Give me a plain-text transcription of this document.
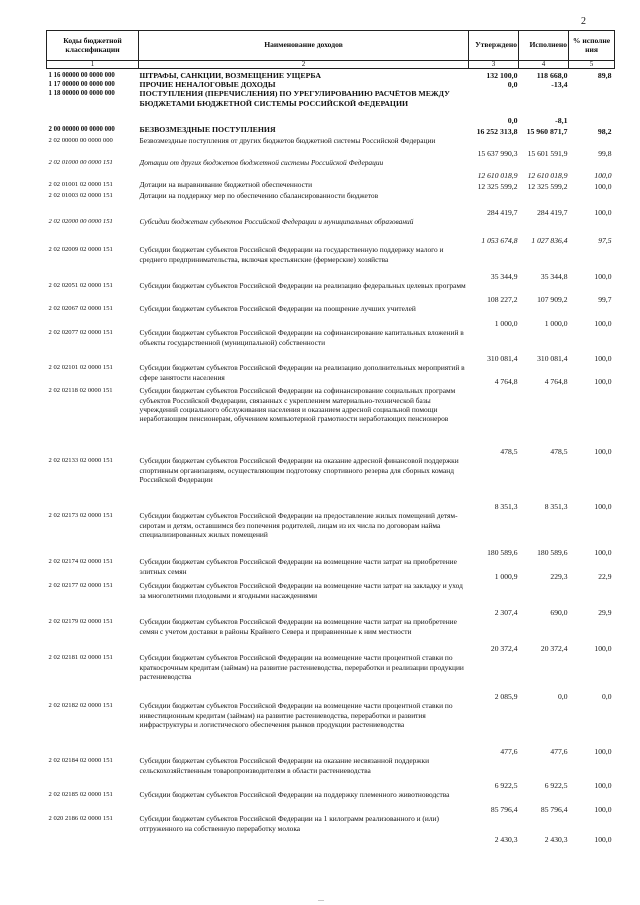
2
Коды бюджетной классификации	Наименование доходов	Утверждено	Исполнено	% исполне ния
1	2	3	4	5
1 16 00000 00 0000 000	ШТРАФЫ, САНКЦИИ, ВОЗМЕЩЕНИЕ УЩЕРБА	132 100,0	118 668,0	89,8
1 17 00000 00 0000 000	ПРОЧИЕ НЕНАЛОГОВЫЕ ДОХОДЫ	0,0	-13,4	
1 18 00000 00 0000 000	ПОСТУПЛЕНИЯ (ПЕРЕЧИСЛЕНИЯ) ПО УРЕГУЛИРОВАНИЮ РАСЧЁТОВ МЕЖДУ БЮДЖЕТАМИ БЮДЖЕТНОЙ СИСТЕМЫ РОССИЙСКОЙ ФЕДЕРАЦИИ	0,0	-8,1	
2 00 00000 00 0000 000	БЕЗВОЗМЕЗДНЫЕ ПОСТУПЛЕНИЯ	16 252 313,8	15 960 871,7	98,2
2 02 00000 00 0000 000	Безвозмездные поступления от других бюджетов бюджетной системы Российской Федерации	15 637 990,3	15 601 591,9	99,8
2 02 01000 00 0000 151	Дотации от других бюджетов бюджетной системы Российской Федерации	12 610 018,9	12 610 018,9	100,0
2 02 01001 02 0000 151	Дотации на выравнивание бюджетной обеспеченности	12 325 599,2	12 325 599,2	100,0
2 02 01003 02 0000 151	Дотации на поддержку мер по обеспечению сбалансированности бюджетов	284 419,7	284 419,7	100,0
2 02 02000 00 0000 151	Субсидии бюджетам субъектов Российской Федерации и муниципальных образований	1 053 674,8	1 027 836,4	97,5
2 02 02009 02 0000 151	Субсидии бюджетам субъектов Российской Федерации на государственную поддержку малого и среднего предпринимательства, включая крестьянские (фермерские) хозяйства	35 344,9	35 344,8	100,0
2 02 02051 02 0000 151	Субсидии бюджетам субъектов Российской Федерации на реализацию федеральных целевых программ	108 227,2	107 909,2	99,7
2 02 02067 02 0000 151	Субсидии бюджетам субъектов Российской Федерации на поощрение лучших учителей	1 000,0	1 000,0	100,0
2 02 02077 02 0000 151	Субсидии бюджетам субъектов Российской Федерации на софинансирование капитальных вложений в объекты государственной (муниципальной) собственности	310 081,4	310 081,4	100,0
2 02 02101 02 0000 151	Субсидии бюджетам субъектов Российской Федерации на реализацию дополнительных мероприятий в сфере занятости населения	4 764,8	4 764,8	100,0
2 02 02118 02 0000 151	Субсидии бюджетам субъектов Российской Федерации на софинансирование социальных программ субъектов Российской Федерации, связанных с укреплением материально-технической базы учреждений социального обслуживания населения и оказанием адресной социальной помощи неработающим пенсионерам, обучением компьютерной грамотности неработающих пенсионеров	478,5	478,5	100,0
2 02 02133 02 0000 151	Субсидии бюджетам субъектов Российской Федерации на оказание адресной финансовой поддержки спортивным организациям, осуществляющим подготовку спортивного резерва для сборных команд Российской Федерации	8 351,3	8 351,3	100,0
2 02 02173 02 0000 151	Субсидии бюджетам субъектов Российской Федерации на предоставление жилых помещений детям-сиротам и детям, оставшимся без попечения родителей, лицам из их числа по договорам найма специализированных жилых помещений	180 589,6	180 589,6	100,0
2 02 02174 02 0000 151	Субсидии бюджетам субъектов Российской Федерации на возмещение части затрат на приобретение элитных семян	1 000,9	229,3	22,9
2 02 02177 02 0000 151	Субсидии бюджетам субъектов Российской Федерации на возмещение части затрат на закладку и уход за многолетними плодовыми и ягодными насаждениями	2 307,4	690,0	29,9
2 02 02179 02 0000 151	Субсидии бюджетам субъектов Российской Федерации на возмещение части затрат на приобретение семян с учетом доставки в районы Крайнего Севера и приравненные к ним местности	20 372,4	20 372,4	100,0
2 02 02181 02 0000 151	Субсидии бюджетам субъектов Российской Федерации на возмещение части процентной ставки по краткосрочным кредитам (займам) на развитие растениеводства, переработки и реализации продукции растениеводства	2 085,9	0,0	0,0
2 02 02182 02 0000 151	Субсидии бюджетам субъектов Российской Федерации на возмещение части процентной ставки по инвестиционным кредитам (займам) на развитие растениеводства, переработки и развития инфраструктуры и логистического обеспечения рынков продукции растениеводства	477,6	477,6	100,0
2 02 02184 02 0000 151	Субсидии бюджетам субъектов Российской Федерации на оказание несвязанной поддержки сельскохозяйственным товаропроизводителям в области растениеводства	6 922,5	6 922,5	100,0
2 02 02185 02 0000 151	Субсидии бюджетам субъектов Российской Федерации на поддержку племенного животноводства	85 796,4	85 796,4	100,0
2 020 2186 02 0000 151	Субсидии бюджетам субъектов Российской Федерации на 1 килограмм реализованного и (или) отгруженного на собственную переработку молока	2 430,3	2 430,3	100,0
—
